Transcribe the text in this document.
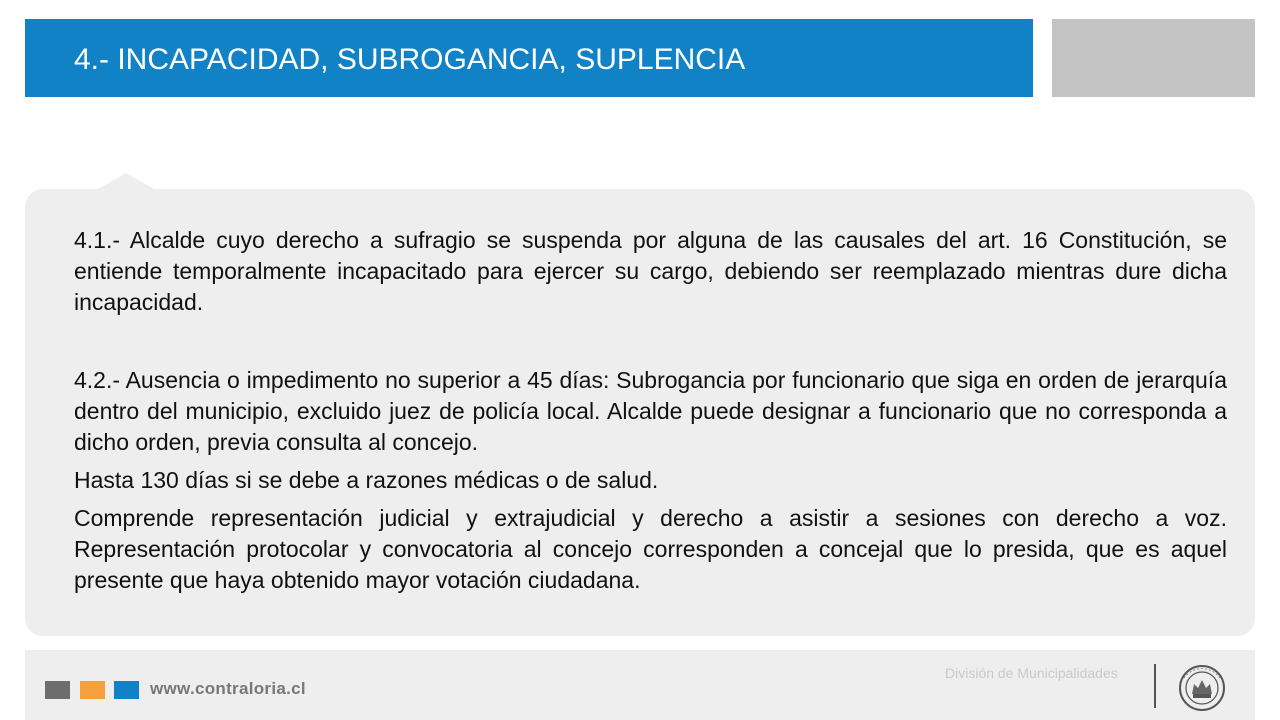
4.- INCAPACIDAD, SUBROGANCIA, SUPLENCIA

4.1.- Alcalde cuyo derecho a sufragio se suspenda por alguna de las causales del art. 16 Constitución, se entiende temporalmente incapacitado para ejercer su cargo, debiendo ser reemplazado mientras dure dicha incapacidad.

4.2.- Ausencia o impedimento no superior a 45 días: Subrogancia por funcionario que siga en orden de jerarquía dentro del municipio, excluido juez de policía local. Alcalde puede designar a funcionario que no corresponda a dicho orden, previa consulta al concejo.

Hasta 130 días si se debe a razones médicas o de salud.

Comprende representación judicial y extrajudicial y derecho a asistir a sesiones con derecho a voz. Representación protocolar y convocatoria al concejo corresponden a concejal que lo presida, que es aquel presente que haya obtenido mayor votación ciudadana.

www.contraloria.cl
División de Municipalidades
